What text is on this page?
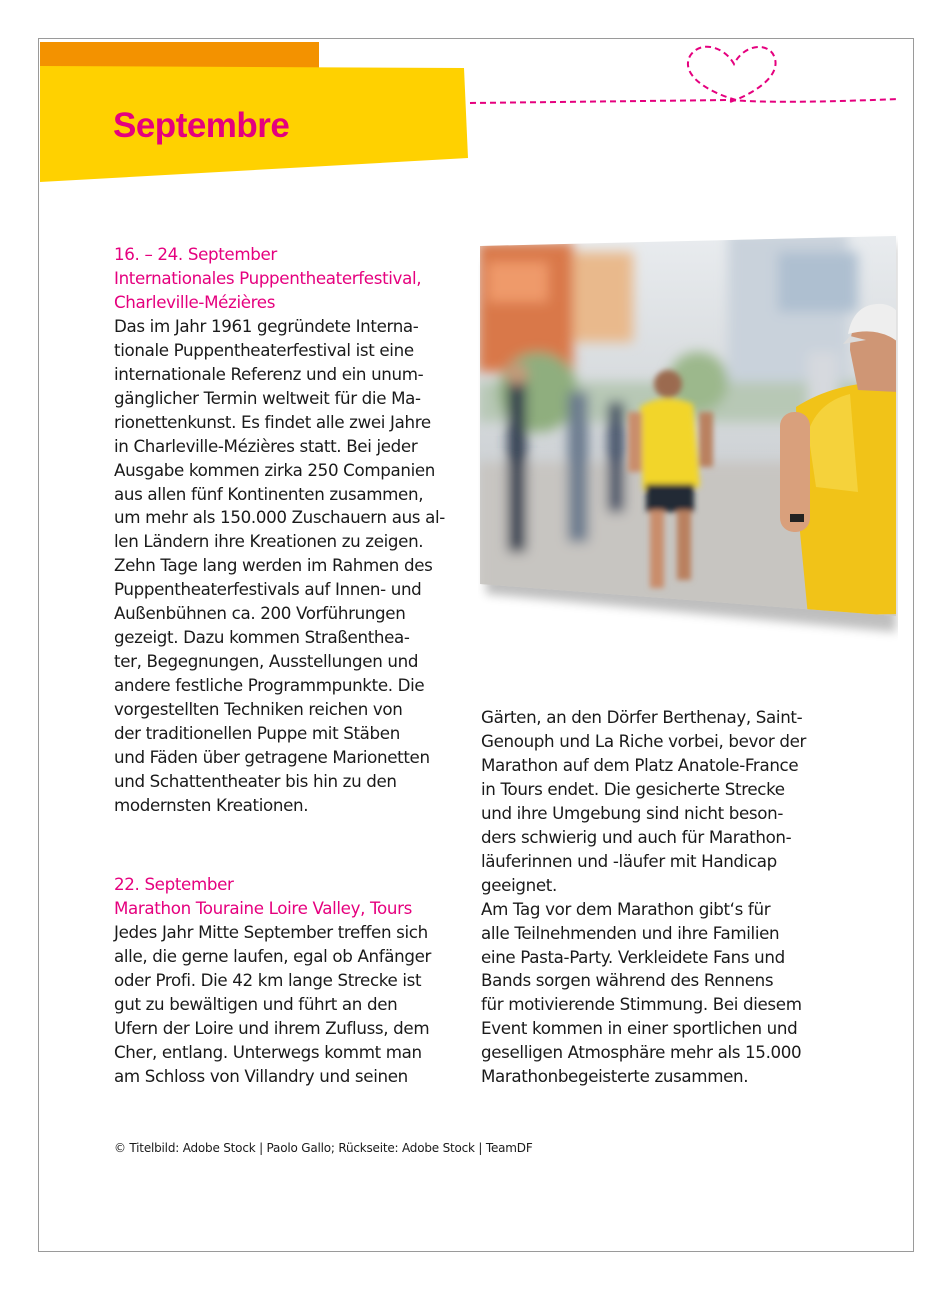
Septembre
16. – 24. September
Internationales Puppentheaterfestival,
Charleville-Mézières

Das im Jahr 1961 gegründete Interna-

tionale Puppentheaterfestival ist eine

internationale Referenz und ein unum-

gänglicher Termin weltweit für die Ma-

rionettenkunst. Es findet alle zwei Jahre

in Charleville-Mézières statt. Bei jeder

Ausgabe kommen zirka 250 Companien

aus allen fünf Kontinenten zusammen,

um mehr als 150.000 Zuschauern aus al-

len Ländern ihre Kreationen zu zeigen.

Zehn Tage lang werden im Rahmen des

Puppentheaterfestivals auf Innen- und

Außenbühnen ca. 200 Vorführungen

gezeigt. Dazu kommen Straßenthea-

ter, Begegnungen, Ausstellungen und

andere festliche Programmpunkte. Die

vorgestellten Techniken reichen von

der traditionellen Puppe mit Stäben

und Fäden über getragene Marionetten

und Schattentheater bis hin zu den

modernsten Kreationen.

22. September
Marathon Touraine Loire Valley, Tours

Jedes Jahr Mitte September treffen sich

alle, die gerne laufen, egal ob Anfänger

oder Profi. Die 42 km lange Strecke ist

gut zu bewältigen und führt an den

Ufern der Loire und ihrem Zufluss, dem

Cher, entlang. Unterwegs kommt man

am Schloss von Villandry und seinen

Gärten, an den Dörfer Berthenay, Saint-

Genouph und La Riche vorbei, bevor der

Marathon auf dem Platz Anatole-France

in Tours endet. Die gesicherte Strecke

und ihre Umgebung sind nicht beson-

ders schwierig und auch für Marathon-

läuferinnen und -läufer mit Handicap

geeignet.

Am Tag vor dem Marathon gibt‘s für

alle Teilnehmenden und ihre Familien

eine Pasta-Party. Verkleidete Fans und

Bands sorgen während des Rennens

für motivierende Stimmung. Bei diesem

Event kommen in einer sportlichen und

geselligen Atmosphäre mehr als 15.000

Marathonbegeisterte zusammen.

© Titelbild: Adobe Stock | Paolo Gallo; Rückseite: Adobe Stock | TeamDF
